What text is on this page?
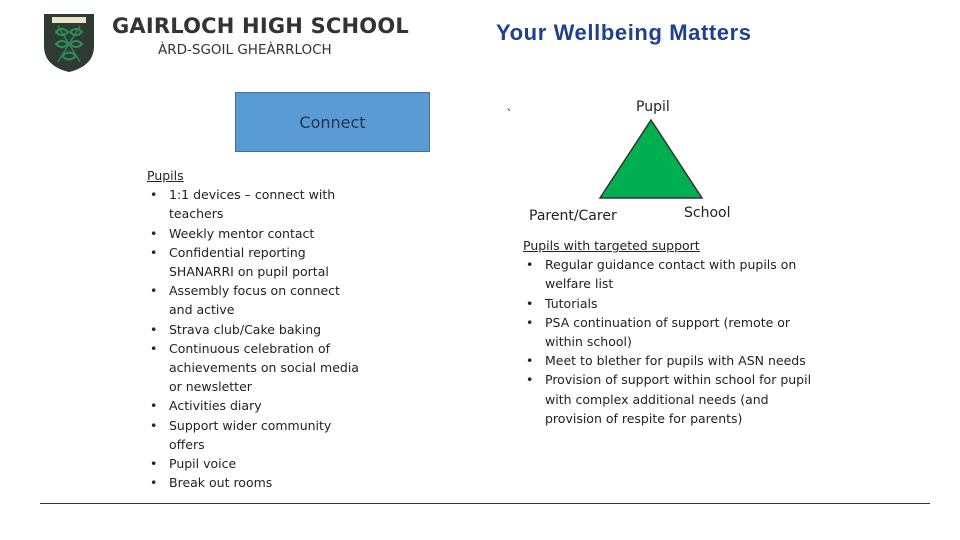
GAIRLOCH HIGH SCHOOL
ÀRD-SGOIL GHEÀRRLOCH
Your Wellbeing Matters
Connect
Pupils
• 1:1 devices – connect with teachers
• Weekly mentor contact
• Confidential reporting SHANARRI on pupil portal
• Assembly focus on connect and active
• Strava club/Cake baking
• Continuous celebration of achievements on social media or newsletter
• Activities diary
• Support wider community offers
• Pupil voice
• Break out rooms
`
Pupil
Parent/Carer	School
Pupils with targeted support
• Regular guidance contact with pupils on welfare list
• Tutorials
• PSA continuation of support (remote or within school)
• Meet to blether for pupils with ASN needs
• Provision of support within school for pupil with complex additional needs (and provision of respite for parents)
